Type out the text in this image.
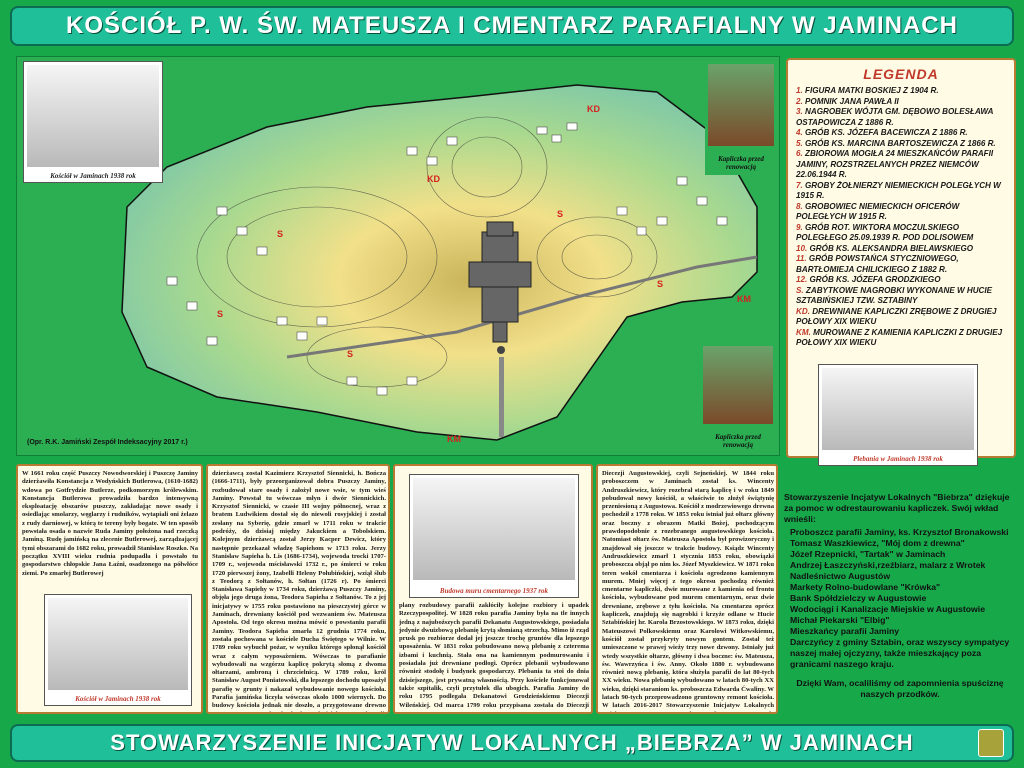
KOŚCIÓŁ P. W. ŚW. MATEUSZA I CMENTARZ PARAFIALNY W JAMINACH
S
S
S
S
S
KD
KD
KM
KM
Kościół w Jaminach 1938 rok
Kapliczka przed renowacją
Kapliczka przed renowacją
(Opr. R.K. Jamiński Zespół Indeksacyjny 2017 r.)
LEGENDA
1. FIGURA MATKI BOSKIEJ Z 1904 R.
2. POMNIK JANA PAWŁA II
3. NAGROBEK WÓJTA GM. DĘBOWO BOLESŁAWA OSTAPOWICZA Z 1886 R.
4. GRÓB KS. JÓZEFA BACEWICZA Z 1886 R.
5. GRÓB KS. MARCINA BARTOSZEWICZA Z 1866 R.
6. ZBIOROWA MOGIŁA 24 MIESZKAŃCÓW PARAFII JAMINY, ROZSTRZELANYCH PRZEZ NIEMCÓW 22.06.1944 R.
7. GROBY ŻOŁNIERZY NIEMIECKICH POLEGŁYCH W 1915 R.
8. GROBOWIEC NIEMIECKICH OFICERÓW POLEGŁYCH W 1915 R.
9. GRÓB ROT. WIKTORA MOCZULSKIEGO POLEGŁEGO 25.09.1939 R. POD DOLISOWEM
10. GRÓB KS. ALEKSANDRA BIELAWSKIEGO
11. GRÓB POWSTAŃCA STYCZNIOWEGO, BARTŁOMIEJA CHILICKIEGO Z 1882 R.
12. GRÓB KS. JÓZEFA GRODZKIEGO
S. ZABYTKOWE NAGROBKI WYKONANE W HUCIE SZTABIŃSKIEJ TZW. SZTABINY
KD. DREWNIANE KAPLICZKI ZRĘBOWE Z DRUGIEJ POŁOWY XIX WIEKU
KM. MUROWANE Z KAMIENIA KAPLICZKI Z DRUGIEJ POŁOWY XIX WIEKU
Plebania w Jaminach 1938 rok
W 1661 roku część Puszczy Nowodworskiej i Puszczę Jaminy dzierżawiła Konstancja z Wodyńskich Butlerowa, (1610-1682) wdowa po Gotfrydzie Butlerze, podkomorzym królewskim. Konstancja Butlerowa prowadziła bardzo intensywną eksploatację obszarów puszczy, zakładając nowe osady i osiedlając smolarzy, węglarzy i rudników, wytapiali oni żelazo z rudy darniowej, w którą te tereny były bogate. W ten sposób powstała osada o nazwie Ruda Jaminy położona nad rzeczką Jaminą. Rudę jamińską na zlecenie Butlerowej, zarządzającej tymi obszarami do 1682 roku, prowadził Stanisław Roszko. Na początku XVIII wieku rudnia podupadła i powstało tu gospodarstwo chłopskie Jana Łaźni, osadzonego na półwłóce ziemi. Po zmarłej Butlerowej
Kościół w Jaminach 1938 rok
dzierżawcą został Kazimierz Krzysztof Siennicki, h. Bończa (1666-1711), były przeorganizował dobra Puszczy Jaminy, rozbudował stare osady i założył nowe wsie, w tym wieś Jaminy. Powstał tu wówczas młyn i dwór Siennickich. Krzysztof Siennicki, w czasie III wojny północnej, wraz z bratem Ludwikiem dostał się do niewoli rosyjskiej i został zesłany na Syberię, gdzie zmarł w 1711 roku w trakcie podróży, do dzisiaj między Jakuckiem a Tobolskiem. Kolejnym dzierżawcą został Jerzy Kacper Dewicz, który następnie przekazał władzę Sapiehom w 1713 roku. Jerzy Stanisław Sapieha h. Lis (1686-1734), wojewoda trocki 1707-1709 r., wojewoda mścisławski 1732 r., po śmierci w roku 1720 pierwszej żony, Izabelli Heleny Połubińskiej, wziął ślub z Teodorą z Sołtanów, h. Sołtan (1726 r). Po śmierci Stanisława Sapiehy w 1734 roku, dzierżawą Puszczy Jaminy, objęła jego druga żona, Teodora Sapieha z Sołtanów. To z jej inicjatywy w 1755 roku postawiono na pieszczystej górce w Jaminach, drewniany kościół pod wezwaniem św. Mateusza Apostoła. Od tego okresu można mówić o powstaniu parafii Jaminy. Teodora Sapieha zmarła 12 grudnia 1774 roku, została pochowana w kościele Ducha Świętego w Wilnie. W 1789 roku wybuchł pożar, w wyniku którego spłonął kościół wraz z całym wyposażeniem. Wówczas to parafianie wybudowali na wzgórzu kaplicę pokrytą słomą z dwoma ołtarzami, ambroną i chrzcielnicą. W 1789 roku, król Stanisław August Poniatowski, dla lepszego dochodu uposażył parafię w grunty i nakazał wybudowanie nowego kościoła. Parafia jamińska liczyła wówczas około 1000 wiernych. Do budowy kościoła jednak nie doszło, a przygotowane drewno
Budowa muru cmentarnego 1937 rok
plany rozbudowy parafii zakłóciły kolejne rozbiory i upadek Rzeczypospolitej. W 1828 roku parafia Jaminy była na tle innych jedną z najuboższych parafii Dekanatu Augustowskiego, posiadała jedynie dwuizbową plebanię krytą słomianą strzechą. Mimo iż rząd prusk po rozbiorze dodał jej jeszcze trochę gruntów dla lepszego uposażenia. W 1831 roku pobudowano nową plebanię z czterema izbami i kuchnią. Stała ona na kamiennym podmurowaniu i posiadała już drewniane podłogi. Oprócz plebanii wybudowano również stodołę i budynek gospodarczy. Plebania ta stoi do dnia dzisiejszego, jest prywatną własnością. Przy kościele funkcjonował także szpitalik, czyli przytułek dla ubogich. Parafia Jaminy do roku 1795 podlegała Dekanatowi Grodzieńskiemu Diecezji Wileńskiej. Od marca 1799 roku przypisana została do Diecezji
Diecezji Augustowskiej, czyli Sejneńskiej. W 1844 roku proboszczem w Jaminach został ks. Wincenty Andruszkiewicz, który rozebrał starą kaplicę i w roku 1849 pobudował nowy kościół, a właściwie to złożył świątynię przeniesioną z Augustowa. Kościół z modrzewiowego drewna pochodził z 1778 roku. W 1853 roku istniał już ołtarz główny oraz boczny z obrazem Matki Bożej, pochodzącym prawdopodobnie z rozebranego augustowskiego kościoła. Natomiast ołtarz św. Mateusza Apostoła był prowizoryczny i znajdował się jeszcze w trakcie budowy. Ksiądz Wincenty Andruszkiewicz zmarł 1 stycznia 1853 roku, obowiązki proboszcza objął po nim ks. Józef Myszkiewicz. W 1871 roku teren wokół cmentarza i kościoła ogrodzono kamiennym murem. Mniej więcej z tego okresu pochodzą również cmentarne kapliczki, dwie murowane z kamienia od frontu kościoła, wybudowane pod murem cmentarnym, oraz dwie drewniane, zrębowe z tyłu kościoła. Na cmentarzu oprócz kapliczek, znajdują się nagrobki i krzyże odlane w Hucie Sztabińskiej hr. Karola Brzostowskiego. W 1873 roku, dzięki Mateuszowi Polkowskiemu oraz Karolowi Witkowskiemu, kościół został przykryty nowym gontem. Został też umieszczone w prawej wieży trzy nowe dzwony. Istniały już wtedy wszystkie ołtarze, główny i dwa boczne: św. Mateusza, św. Wawrzyńca i św. Anny. Około 1880 r. wybudowano również nową plebanię, która służyła parafii do lat 80-tych XX wieku. Nowa plebanię wybudowano w latach 80-tych XX wieku, dzięki staraniom ks. proboszcza Edwarda Ćwaliny. W latach 90-tych przeprowadzono gruntowny remont kościoła. W latach 2016-2017 Stowarzyszenie Inicjatyw Lokalnych
Stowarzyszenie Incjatyw Lokalnych "Biebrza" dziękuje za pomoc w odrestaurowaniu kapliczek. Swój wkład wnieśli:
Proboszcz parafii Jaminy, ks. Krzysztof Bronakowski
Tomasz Waszkiewicz, "Mój dom z drewna"
Józef Rzepnicki, "Tartak" w Jaminach
Andrzej Łaszczyński,rzeźbiarz, malarz z Wrotek
Nadleśnictwo Augustów
Markety Rolno-budowlane "Krówka"
Bank Spółdzielczy w Augustowie
Wodociągi i Kanalizacje Miejskie w Augustowie
Michał Piekarski "Elbig"
Mieszkańcy parafii Jaminy
Darczyńcy z gminy Sztabin, oraz wszyscy sympatycy naszej małej ojczyzny, także mieszkający poza granicami naszego kraju.
Dzięki Wam, ocaliliśmy od zapomnienia spuściznę naszych przodków.
STOWARZYSZENIE INICJATYW LOKALNYCH „BIEBRZA” W JAMINACH
